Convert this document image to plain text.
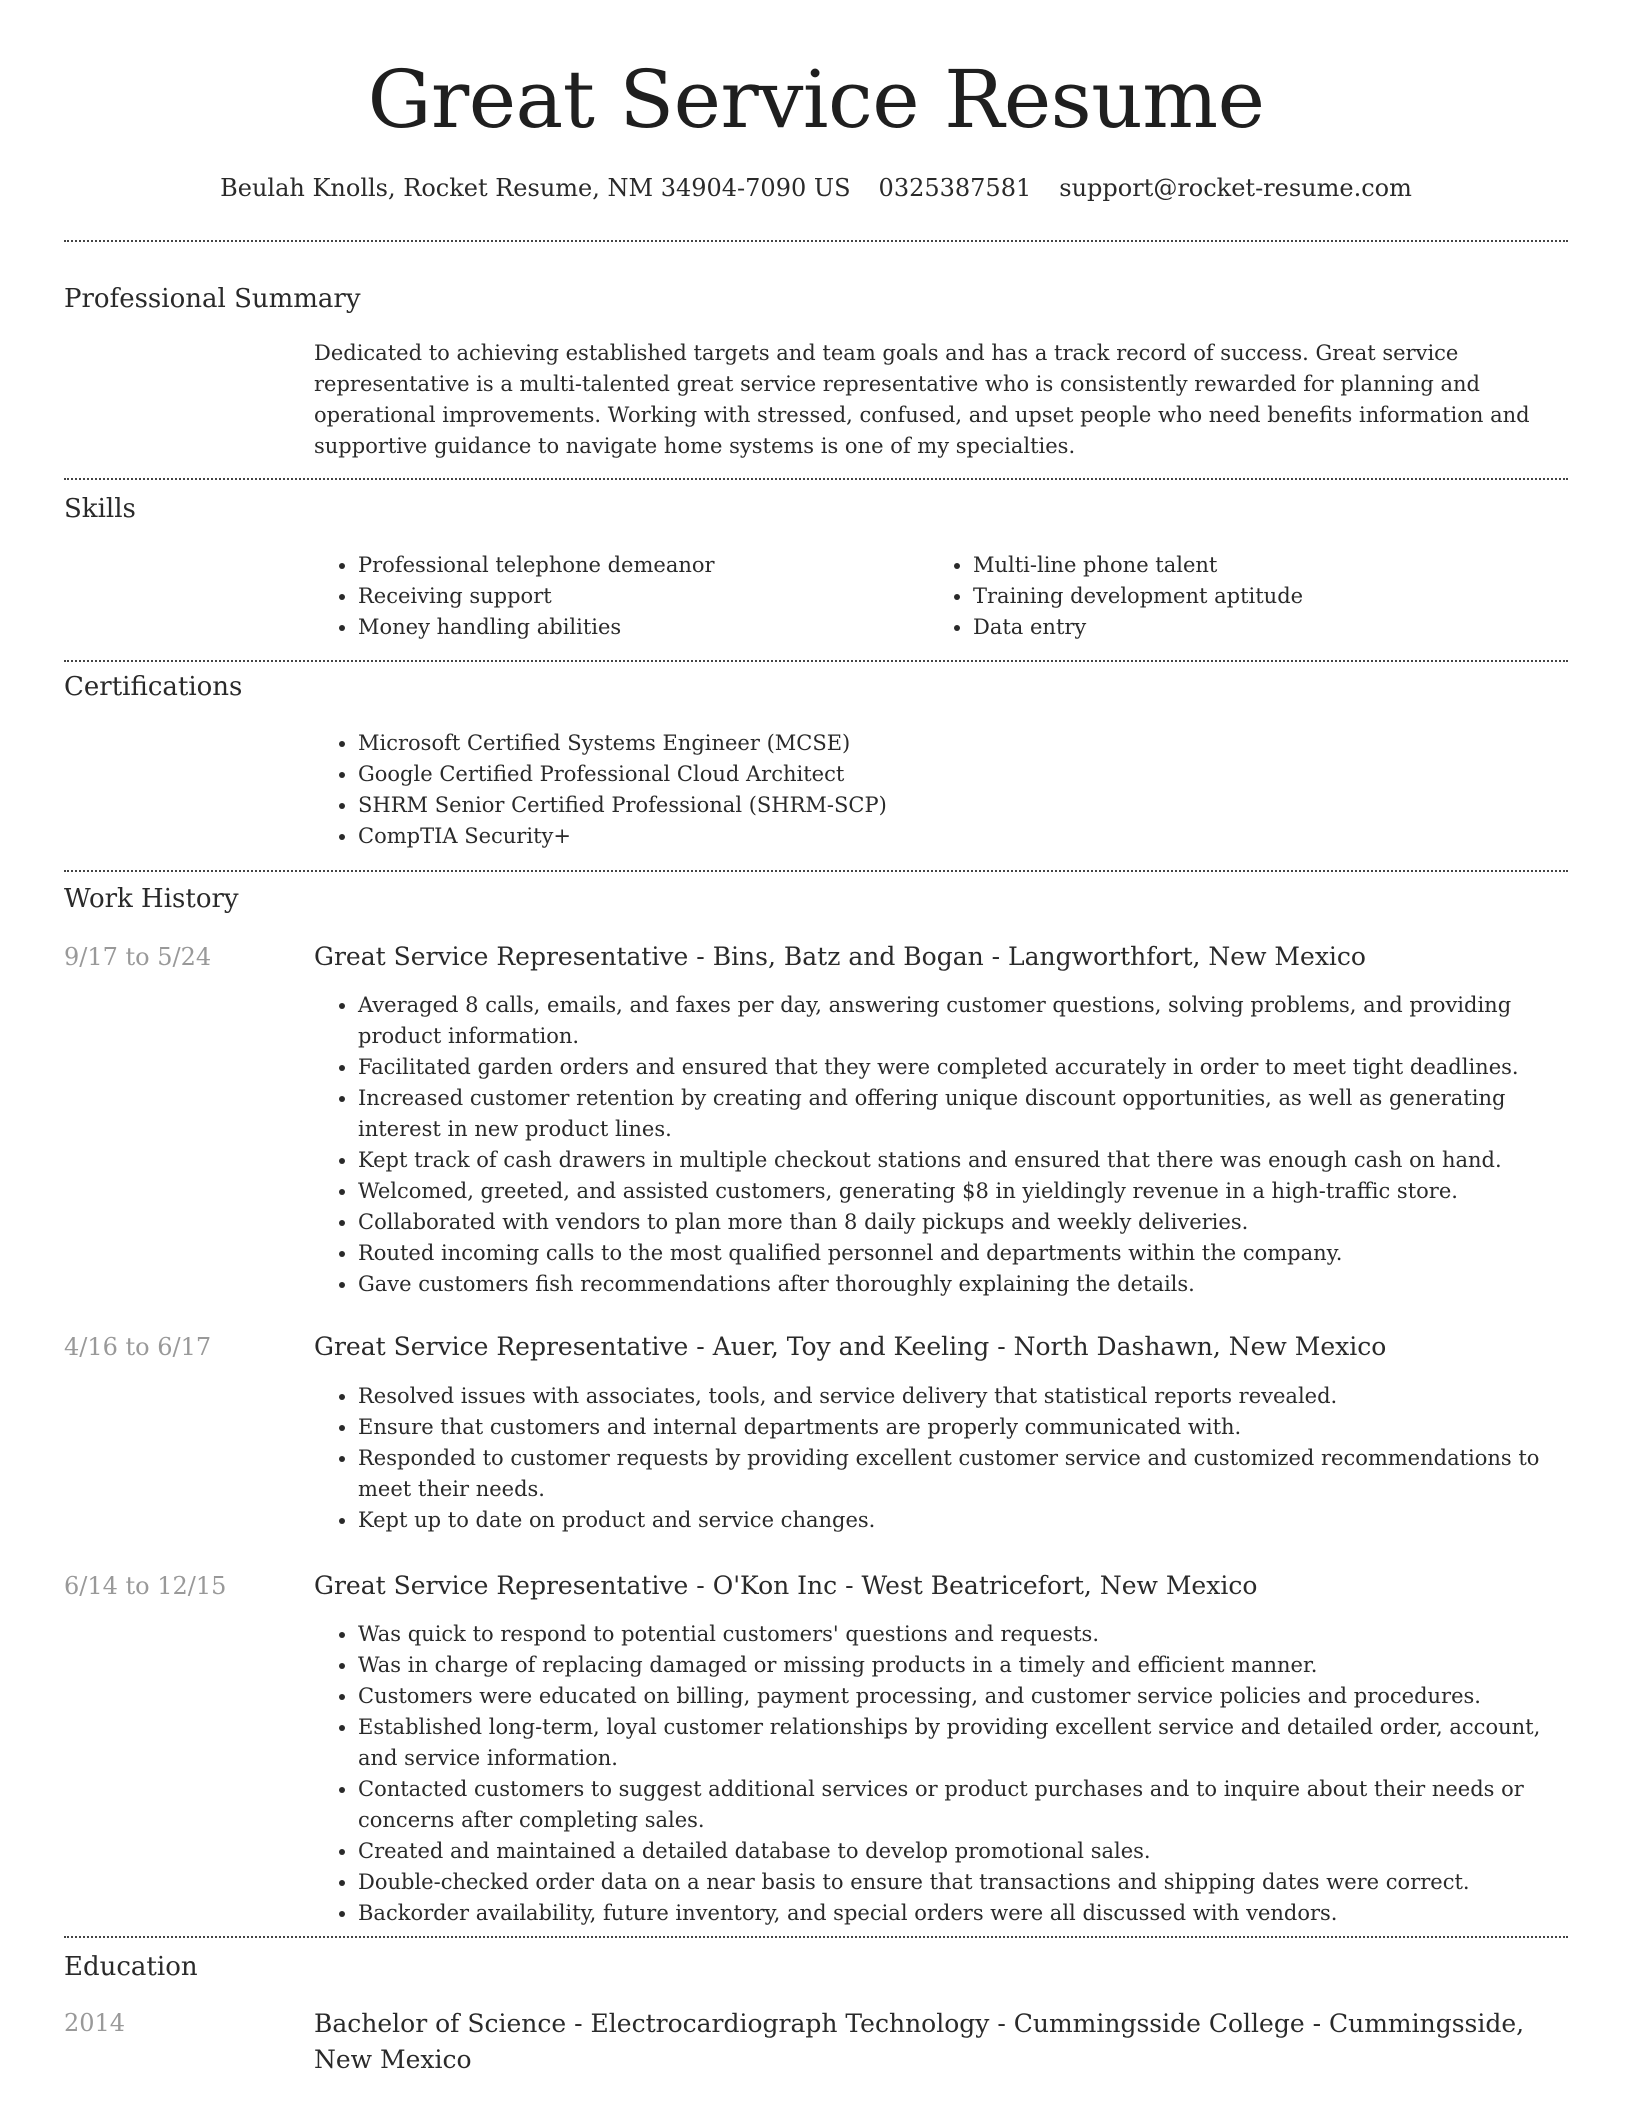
Great Service Resume
Beulah Knolls, Rocket Resume, NM 34904-7090 US 0325387581 support@rocket-resume.com
Professional Summary
Dedicated to achieving established targets and team goals and has a track record of success. Great service representative is a multi-talented great service representative who is consistently rewarded for planning and operational improvements. Working with stressed, confused, and upset people who need benefits information and supportive guidance to navigate home systems is one of my specialties.
Skills
• Professional telephone demeanor
• Receiving support
• Money handling abilities
• Multi-line phone talent
• Training development aptitude
• Data entry
Certifications
• Microsoft Certified Systems Engineer (MCSE)
• Google Certified Professional Cloud Architect
• SHRM Senior Certified Professional (SHRM-SCP)
• CompTIA Security+
Work History
9/17 to 5/24	Great Service Representative - Bins, Batz and Bogan - Langworthfort, New Mexico
• Averaged 8 calls, emails, and faxes per day, answering customer questions, solving problems, and providing product information.
• Facilitated garden orders and ensured that they were completed accurately in order to meet tight deadlines.
• Increased customer retention by creating and offering unique discount opportunities, as well as generating interest in new product lines.
• Kept track of cash drawers in multiple checkout stations and ensured that there was enough cash on hand.
• Welcomed, greeted, and assisted customers, generating $8 in yieldingly revenue in a high-traffic store.
• Collaborated with vendors to plan more than 8 daily pickups and weekly deliveries.
• Routed incoming calls to the most qualified personnel and departments within the company.
• Gave customers fish recommendations after thoroughly explaining the details.
4/16 to 6/17	Great Service Representative - Auer, Toy and Keeling - North Dashawn, New Mexico
• Resolved issues with associates, tools, and service delivery that statistical reports revealed.
• Ensure that customers and internal departments are properly communicated with.
• Responded to customer requests by providing excellent customer service and customized recommendations to meet their needs.
• Kept up to date on product and service changes.
6/14 to 12/15	Great Service Representative - O'Kon Inc - West Beatricefort, New Mexico
• Was quick to respond to potential customers' questions and requests.
• Was in charge of replacing damaged or missing products in a timely and efficient manner.
• Customers were educated on billing, payment processing, and customer service policies and procedures.
• Established long-term, loyal customer relationships by providing excellent service and detailed order, account, and service information.
• Contacted customers to suggest additional services or product purchases and to inquire about their needs or concerns after completing sales.
• Created and maintained a detailed database to develop promotional sales.
• Double-checked order data on a near basis to ensure that transactions and shipping dates were correct.
• Backorder availability, future inventory, and special orders were all discussed with vendors.
Education
2014	Bachelor of Science - Electrocardiograph Technology - Cummingsside College - Cummingsside, New Mexico
